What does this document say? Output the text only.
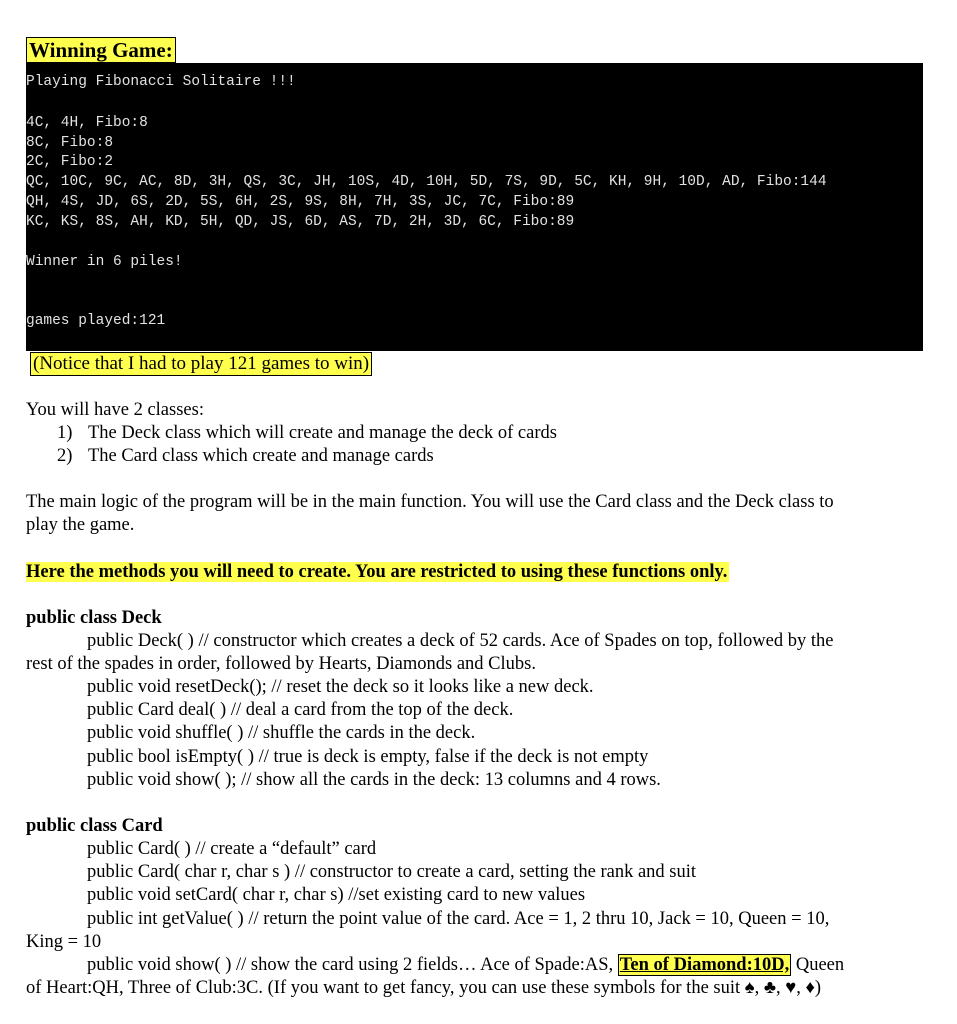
Winning Game:
Playing Fibonacci Solitaire !!!
4C, 4H, Fibo:8
8C, Fibo:8
2C, Fibo:2
QC, 10C, 9C, AC, 8D, 3H, QS, 3C, JH, 10S, 4D, 10H, 5D, 7S, 9D, 5C, KH, 9H, 10D, AD, Fibo:144
QH, 4S, JD, 6S, 2D, 5S, 6H, 2S, 9S, 8H, 7H, 3S, JC, 7C, Fibo:89
KC, KS, 8S, AH, KD, 5H, QD, JS, 6D, AS, 7D, 2H, 3D, 6C, Fibo:89
Winner in 6 piles!
games played:121
(Notice that I had to play 121 games to win)
You will have 2 classes:
1) The Deck class which will create and manage the deck of cards
2) The Card class which create and manage cards
The main logic of the program will be in the main function. You will use the Card class and the Deck class to
play the game.
Here the methods you will need to create. You are restricted to using these functions only.
public class Deck
public Deck( ) // constructor which creates a deck of 52 cards. Ace of Spades on top, followed by the
rest of the spades in order, followed by Hearts, Diamonds and Clubs.
public void resetDeck(); // reset the deck so it looks like a new deck.
public Card deal( ) // deal a card from the top of the deck.
public void shuffle( ) // shuffle the cards in the deck.
public bool isEmpty( ) // true is deck is empty, false if the deck is not empty
public void show( ); // show all the cards in the deck: 13 columns and 4 rows.
public class Card
public Card( ) // create a “default” card
public Card( char r, char s ) // constructor to create a card, setting the rank and suit
public void setCard( char r, char s) //set existing card to new values
public int getValue( ) // return the point value of the card. Ace = 1, 2 thru 10, Jack = 10, Queen = 10,
King = 10
public void show( ) // show the card using 2 fields… Ace of Spade:AS, Ten of Diamond:10D, Queen
of Heart:QH, Three of Club:3C. (If you want to get fancy, you can use these symbols for the suit ♠, ♣, ♥, ♦)
